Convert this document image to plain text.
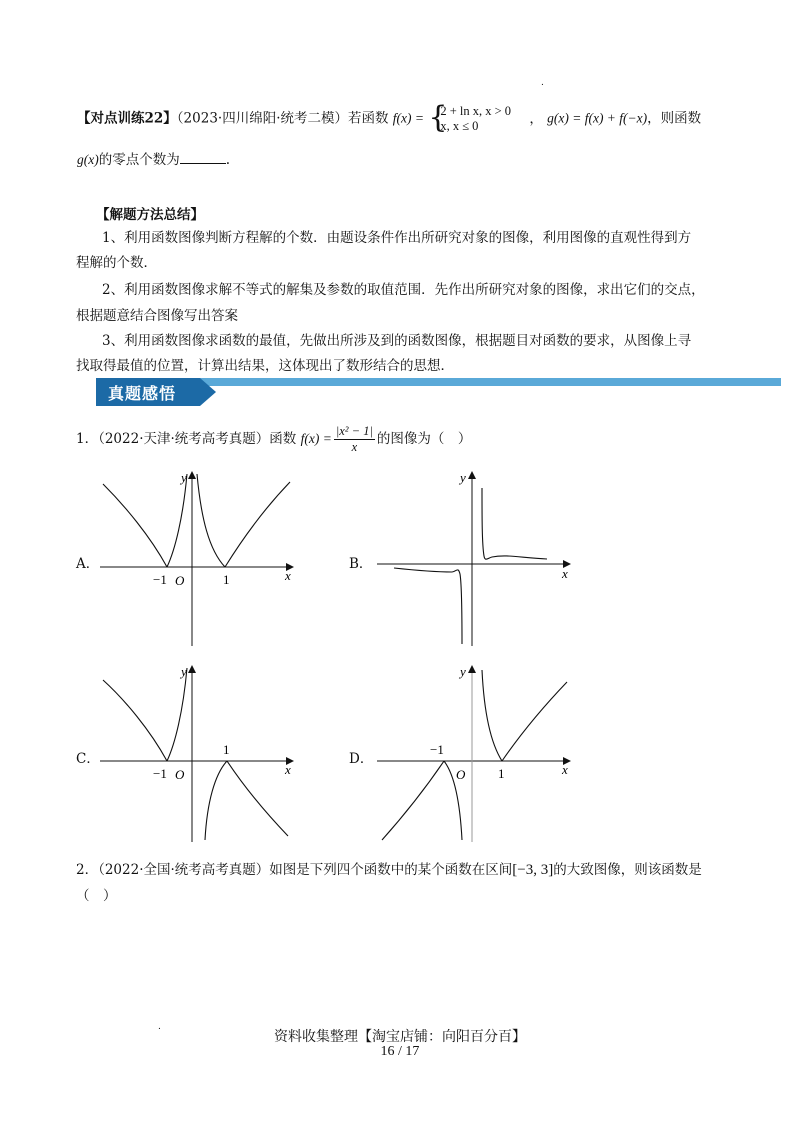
.
【对点训练22】（2023·四川绵阳·统考二模）若函数 f(x) = {
2 + ln x, x > 0
x, x ≤ 0	， g(x) = f(x) + f(−x)，则函数
g(x)的零点个数为	.
【解题方法总结】
1、利用函数图像判断方程解的个数．由题设条件作出所研究对象的图像，利用图像的直观性得到方
程解的个数．
2、利用函数图像求解不等式的解集及参数的取值范围．先作出所研究对象的图像，求出它们的交点，
根据题意结合图像写出答案
3、利用函数图像求函数的最值，先做出所涉及到的函数图像，根据题目对函数的要求，从图像上寻
找取得最值的位置，计算出结果，这体现出了数形结合的思想．
真题感悟
1．（2022·天津·统考高考真题）函数 $f(x) = \frac{\text{|x² − 1|}}{x}$ 的图像为（　）
A．
−1	1
O	x
y
B．
x
y
C．
−1
1
O	x
y
D．
−1
1
O	x
y
2．（2022·全国·统考高考真题）如图是下列四个函数中的某个函数在区间[−3, 3]的大致图像，则该函数是
（　）
.
资料收集整理【淘宝店铺：向阳百分百】
16 / 17
